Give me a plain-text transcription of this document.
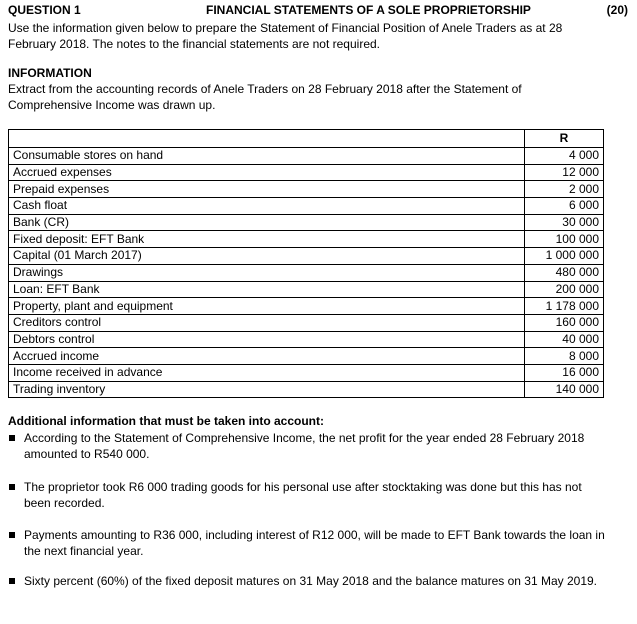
QUESTION 1	FINANCIAL STATEMENTS OF A SOLE PROPRIETORSHIP	(20)
Use the information given below to prepare the Statement of Financial Position of Anele Traders as at 28 February 2018. The notes to the financial statements are not required.
INFORMATION
Extract from the accounting records of Anele Traders on 28 February 2018 after the Statement of Comprehensive Income was drawn up.
	R
Consumable stores on hand	4 000
Accrued expenses	12 000
Prepaid expenses	2 000
Cash float	6 000
Bank (CR)	30 000
Fixed deposit: EFT Bank	100 000
Capital (01 March 2017)	1 000 000
Drawings	480 000
Loan: EFT Bank	200 000
Property, plant and equipment	1 178 000
Creditors control	160 000
Debtors control	40 000
Accrued income	8 000
Income received in advance	16 000
Trading inventory	140 000
Additional information that must be taken into account:
According to the Statement of Comprehensive Income, the net profit for the year ended 28 February 2018 amounted to R540 000.
The proprietor took R6 000 trading goods for his personal use after stocktaking was done but this has not been recorded.
Payments amounting to R36 000, including interest of R12 000, will be made to EFT Bank towards the loan in the next financial year.
Sixty percent (60%) of the fixed deposit matures on 31 May 2018 and the balance matures on 31 May 2019.
